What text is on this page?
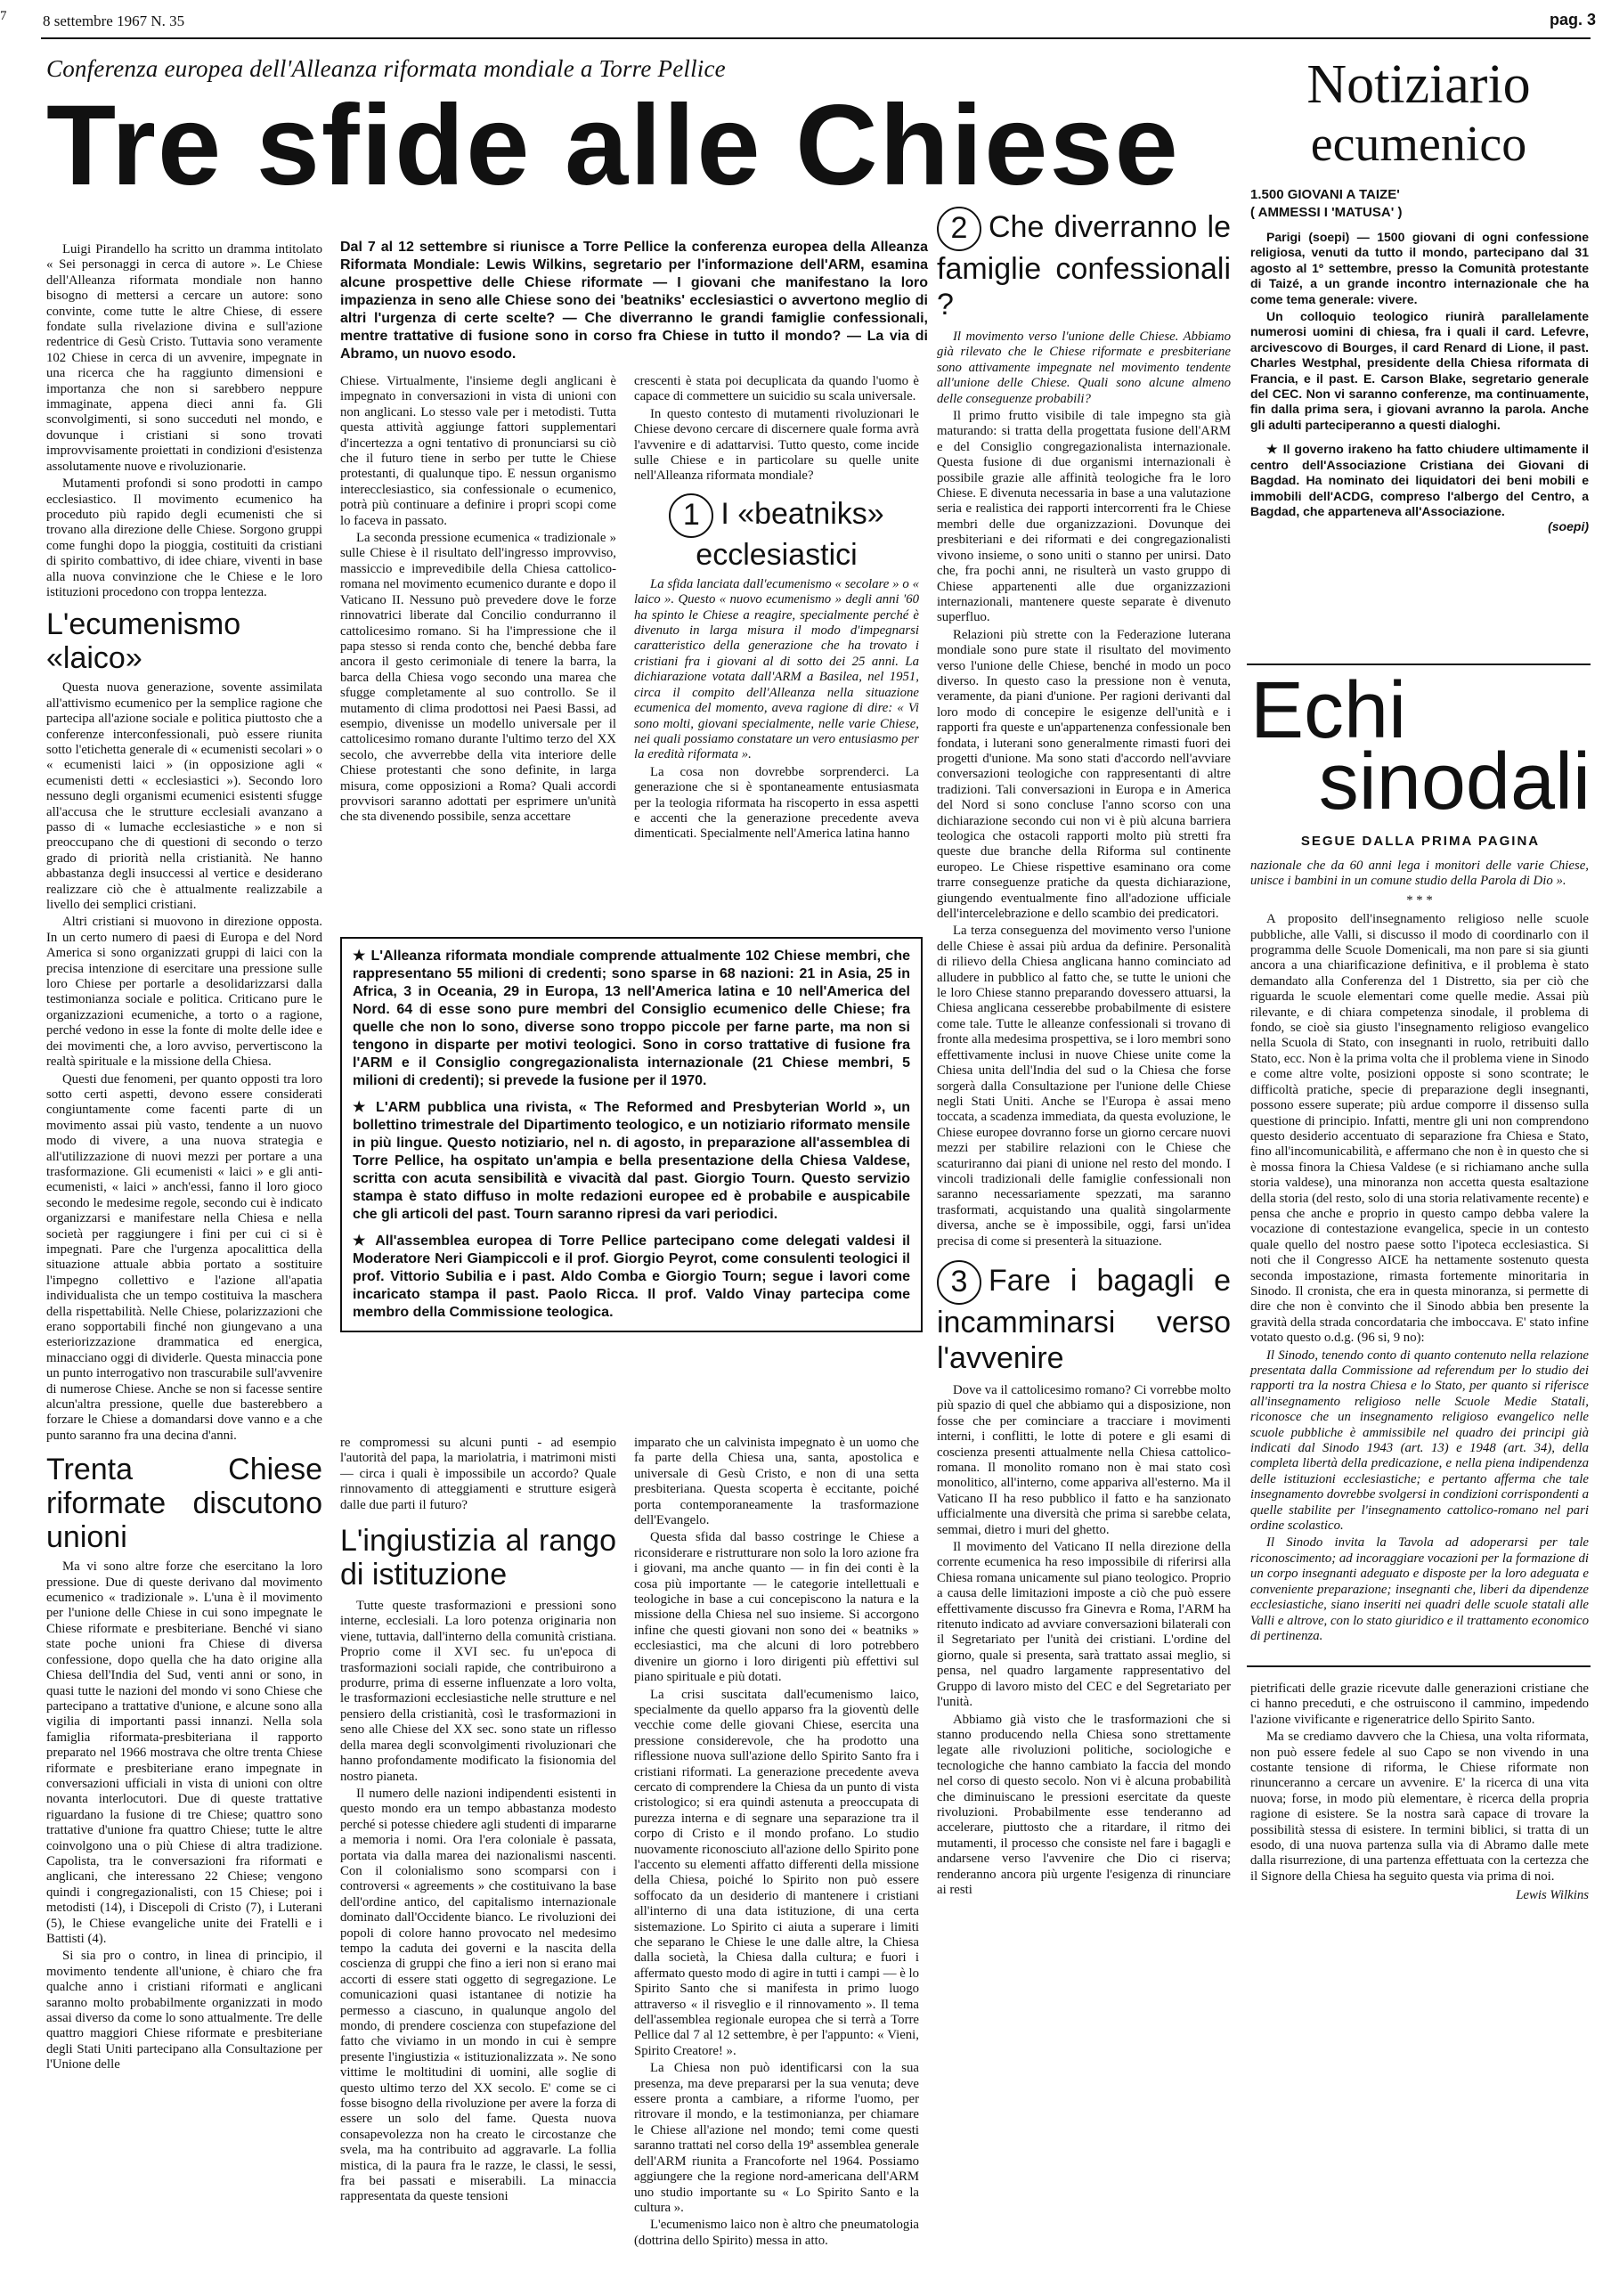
7 8 settembre 1967 N. 35	pag. 3
Conferenza europea dell'Alleanza riformata mondiale a Torre Pellice
Tre sfide alle Chiese	Notiziario
ecumenico
1.500 GIOVANI A TAIZE'
( AMMESSI I 'MATUSA' )

Parigi (soepi) — 1500 giovani di ogni confessione religiosa, venuti da tutto il mondo, partecipano dal 31 agosto al 1º settembre, presso la Comunità protestante di Taizé, a un grande incontro internazionale che ha come tema generale: vivere.

Un colloquio teologico riunirà parallelamente numerosi uomini di chiesa, fra i quali il card. Lefevre, arcivescovo di Bourges, il card Renard di Lione, il past. Charles Westphal, presidente della Chiesa riformata di Francia, e il past. E. Carson Blake, segretario generale del CEC. Non vi saranno conferenze, ma continuamente, fin dalla prima sera, i giovani avranno la parola. Anche gli adulti parteciperanno a questi dialoghi.

★ Il governo irakeno ha fatto chiudere ultimamente il centro dell'Associazione Cristiana dei Giovani di Bagdad. Ha nominato dei liquidatori dei beni mobili e immobili dell'ACDG, compreso l'albergo del Centro, a Bagdad, che apparteneva all'Associazione.

(soepi)
Echi
sinodali
SEGUE DALLA PRIMA PAGINA

nazionale che da 60 anni lega i monitori delle varie Chiese, unisce i bambini in un comune studio della Parola di Dio ».

* * *

A proposito dell'insegnamento religioso nelle scuole pubbliche, alle Valli, si discusso il modo di coordinarlo con il programma delle Scuole Domenicali, ma non pare si sia giunti ancora a una chiarificazione definitiva, e il problema è stato demandato alla Conferenza del 1 Distretto, sia per ciò che riguarda le scuole elementari come quelle medie. Assai più rilevante, e di chiara competenza sinodale, il problema di fondo, se cioè sia giusto l'insegnamento religioso evangelico nella Scuola di Stato, con insegnanti in ruolo, retribuiti dallo Stato, ecc. Non è la prima volta che il problema viene in Sinodo e come altre volte, posizioni opposte si sono scontrate; le difficoltà pratiche, specie di preparazione degli insegnanti, possono essere superate; più ardue comporre il dissenso sulla questione di principio. Infatti, mentre gli uni non comprendono questo desiderio accentuato di separazione fra Chiesa e Stato, fino all'incomunicabilità, e affermano che non è in questo che si è mossa finora la Chiesa Valdese (e si richiamano anche sulla storia valdese), una minoranza non accetta questa esaltazione della storia (del resto, solo di una storia relativamente recente) e pensa che anche e proprio in questo campo debba valere la vocazione di contestazione evangelica, specie in un contesto quale quello del nostro paese sotto l'ipoteca ecclesiastica. Si noti che il Congresso AICE ha nettamente sostenuto questa seconda impostazione, rimasta fortemente minoritaria in Sinodo. Il cronista, che era in questa minoranza, si permette di dire che non è convinto che il Sinodo abbia ben presente la gravità della strada concordataria che imboccava. E' stato infine votato questo o.d.g. (96 si, 9 no):

Il Sinodo, tenendo conto di quanto contenuto nella relazione presentata dalla Commissione ad referendum per lo studio dei rapporti tra la nostra Chiesa e lo Stato, per quanto si riferisce all'insegnamento religioso nelle Scuole Medie Statali, riconosce che un insegnamento religioso evangelico nelle scuole pubbliche è ammissibile nel quadro dei principi già indicati dal Sinodo 1943 (art. 13) e 1948 (art. 34), della completa libertà della predicazione, e nella piena indipendenza delle istituzioni ecclesiastiche; e pertanto afferma che tale insegnamento dovrebbe svolgersi in condizioni corrispondenti a quelle stabilite per l'insegnamento cattolico-romano nel pari ordine scolastico.

Il Sinodo invita la Tavola ad adoperarsi per tale riconoscimento; ad incoraggiare vocazioni per la formazione di un corpo insegnanti adeguato e disposte per la loro adeguata e conveniente preparazione; insegnanti che, liberi da dipendenze ecclesiastiche, siano inseriti nei quadri delle scuole statali alle Valli e altrove, con lo stato giuridico e il trattamento economico di pertinenza.

Luigi Pirandello ha scritto un dramma intitolato « Sei personaggi in cerca di autore ». Le Chiese dell'Alleanza riformata mondiale non hanno bisogno di mettersi a cercare un autore: sono convinte, come tutte le altre Chiese, di essere fondate sulla rivelazione divina e sull'azione redentrice di Gesù Cristo. Tuttavia sono veramente 102 Chiese in cerca di un avvenire, impegnate in una ricerca che ha raggiunto dimensioni e importanza che non si sarebbero neppure immaginate, appena dieci anni fa. Gli sconvolgimenti, si sono succeduti nel mondo, e dovunque i cristiani si sono trovati improvvisamente proiettati in condizioni d'esistenza assolutamente nuove e rivoluzionarie.

Mutamenti profondi si sono prodotti in campo ecclesiastico. Il movimento ecumenico ha proceduto più rapido degli ecumenisti che si trovano alla direzione delle Chiese. Sorgono gruppi come funghi dopo la pioggia, costituiti da cristiani di spirito combattivo, di idee chiare, viventi in base alla nuova convinzione che le Chiese e le loro istituzioni procedono con troppa lentezza.

L'ecumenismo «laico»

Questa nuova generazione, sovente assimilata all'attivismo ecumenico per la semplice ragione che partecipa all'azione sociale e politica piuttosto che a conferenze interconfessionali, può essere riunita sotto l'etichetta generale di « ecumenisti secolari » o « ecumenisti laici » (in opposizione agli « ecumenisti detti « ecclesiastici »). Secondo loro nessuno degli organismi ecumenici esistenti sfugge all'accusa che le strutture ecclesiali avanzano a passo di « lumache ecclesiastiche » e non si preoccupano che di questioni di secondo o terzo grado di priorità nella cristianità. Ne hanno abbastanza degli insuccessi al vertice e desiderano realizzare ciò che è attualmente realizzabile a livello dei semplici cristiani.

Altri cristiani si muovono in direzione opposta. In un certo numero di paesi di Europa e del Nord America si sono organizzati gruppi di laici con la precisa intenzione di esercitare una pressione sulle loro Chiese per portarle a desolidarizzarsi dalla testimonianza sociale e politica. Criticano pure le organizzazioni ecumeniche, a torto o a ragione, perché vedono in esse la fonte di molte delle idee e dei movimenti che, a loro avviso, pervertiscono la realtà spirituale e la missione della Chiesa.

Questi due fenomeni, per quanto opposti tra loro sotto certi aspetti, devono essere considerati congiuntamente come facenti parte di un movimento assai più vasto, tendente a un nuovo modo di vivere, a una nuova strategia e all'utilizzazione di nuovi mezzi per portare a una trasformazione. Gli ecumenisti « laici » e gli anti-ecumenisti, « laici » anch'essi, fanno il loro gioco secondo le medesime regole, secondo cui è indicato organizzarsi e manifestare nella Chiesa e nella società per raggiungere i fini per cui ci si è impegnati. Pare che l'urgenza apocalittica della situazione attuale abbia portato a sostituire l'impegno collettivo e l'azione all'apatia individualista che un tempo costituiva la maschera della rispettabilità. Nelle Chiese, polarizzazioni che erano sopportabili finché non giungevano a una esteriorizzazione drammatica ed energica, minacciano oggi di dividerle. Questa minaccia pone un punto interrogativo non trascurabile sull'avvenire di numerose Chiese. Anche se non si facesse sentire alcun'altra pressione, quelle due basterebbero a forzare le Chiese a domandarsi dove vanno e a che punto saranno fra una decina d'anni.

Trenta Chiese riformate discutono unioni

Ma vi sono altre forze che esercitano la loro pressione. Due di queste derivano dal movimento ecumenico « tradizionale ». L'una è il movimento per l'unione delle Chiese in cui sono impegnate le Chiese riformate e presbiteriane. Benché vi siano state poche unioni fra Chiese di diversa confessione, dopo quella che ha dato origine alla Chiesa dell'India del Sud, venti anni or sono, in quasi tutte le nazioni del mondo vi sono Chiese che partecipano a trattative d'unione, e alcune sono alla vigilia di importanti passi innanzi. Nella sola famiglia riformata-presbiteriana il rapporto preparato nel 1966 mostrava che oltre trenta Chiese riformate e presbiteriane erano impegnate in conversazioni ufficiali in vista di unioni con oltre novanta interlocutori. Due di queste trattative riguardano la fusione di tre Chiese; quattro sono trattative d'unione fra quattro Chiese; tutte le altre coinvolgono una o più Chiese di altra tradizione. Capolista, tra le conversazioni fra riformati e anglicani, che interessano 22 Chiese; vengono quindi i congregazionalisti, con 15 Chiese; poi i metodisti (14), i Discepoli di Cristo (7), i Luterani (5), le Chiese evangeliche unite dei Fratelli e i Battisti (4).

Si sia pro o contro, in linea di principio, il movimento tendente all'unione, è chiaro che fra qualche anno i cristiani riformati e anglicani saranno molto probabilmente organizzati in modo assai diverso da come lo sono attualmente. Tre delle quattro maggiori Chiese riformate e presbiteriane degli Stati Uniti partecipano alla Consultazione per l'Unione delle

Dal 7 al 12 settembre si riunisce a Torre Pellice la conferenza europea della Alleanza Riformata Mondiale: Lewis Wilkins, segretario per l'informazione dell'ARM, esamina alcune prospettive delle Chiese riformate — I giovani che manifestano la loro impazienza in seno alle Chiese sono dei 'beatniks' ecclesiastici o avvertono meglio di altri l'urgenza di certe scelte? — Che diverranno le grandi famiglie confessionali, mentre trattative di fusione sono in corso fra Chiese in tutto il mondo? — La via di Abramo, un nuovo esodo.

Chiese. Virtualmente, l'insieme degli anglicani è impegnato in conversazioni in vista di unioni con non anglicani. Lo stesso vale per i metodisti. Tutta questa attività aggiunge fattori supplementari d'incertezza a ogni tentativo di pronunciarsi su ciò che il futuro tiene in serbo per tutte le Chiese protestanti, di qualunque tipo. E nessun organismo interecclesiastico, sia confessionale o ecumenico, potrà più continuare a definire i propri scopi come lo faceva in passato.

La seconda pressione ecumenica « tradizionale » sulle Chiese è il risultato dell'ingresso improvviso, massiccio e imprevedibile della Chiesa cattolico-romana nel movimento ecumenico durante e dopo il Vaticano II. Nessuno può prevedere dove le forze rinnovatrici liberate dal Concilio condurranno il cattolicesimo romano. Si ha l'impressione che il papa stesso si renda conto che, benché debba fare ancora il gesto cerimoniale di tenere la barra, la barca della Chiesa vogo secondo una marea che sfugge completamente al suo controllo. Se il mutamento di clima prodottosi nei Paesi Bassi, ad esempio, divenisse un modello universale per il cattolicesimo romano durante l'ultimo terzo del XX secolo, che avverrebbe della vita interiore delle Chiese protestanti che sono definite, in larga misura, come opposizioni a Roma? Quali accordi provvisori saranno adottati per esprimere un'unità che sta divenendo possibile, senza accettare

crescenti è stata poi decuplicata da quando l'uomo è capace di commettere un suicidio su scala universale.

In questo contesto di mutamenti rivoluzionari le Chiese devono cercare di discernere quale forma avrà l'avvenire e di adattarvisi. Tutto questo, come incide sulle Chiese e in particolare su quelle unite nell'Alleanza riformata mondiale?

1 I «beatniks» ecclesiastici

La sfida lanciata dall'ecumenismo « secolare » o « laico ». Questo « nuovo ecumenismo » degli anni '60 ha spinto le Chiese a reagire, specialmente perché è divenuto in larga misura il modo d'impegnarsi caratteristico della generazione che ha trovato i cristiani fra i giovani al di sotto dei 25 anni. La dichiarazione votata dall'ARM a Basilea, nel 1951, circa il compito dell'Alleanza nella situazione ecumenica del momento, aveva ragione di dire: « Vi sono molti, giovani specialmente, nelle varie Chiese, nei quali possiamo constatare un vero entusiasmo per la eredità riformata ».

La cosa non dovrebbe sorprenderci. La generazione che si è spontaneamente entusiasmata per la teologia riformata ha riscoperto in essa aspetti e accenti che la generazione precedente aveva dimenticati. Specialmente nell'America latina hanno

★ L'Alleanza riformata mondiale comprende attualmente 102 Chiese membri, che rappresentano 55 milioni di credenti; sono sparse in 68 nazioni: 21 in Asia, 25 in Africa, 3 in Oceania, 29 in Europa, 13 nell'America latina e 10 nell'America del Nord. 64 di esse sono pure membri del Consiglio ecumenico delle Chiese; fra quelle che non lo sono, diverse sono troppo piccole per farne parte, ma non si tengono in disparte per motivi teologici. Sono in corso trattative di fusione fra l'ARM e il Consiglio congregazionalista internazionale (21 Chiese membri, 5 milioni di credenti); si prevede la fusione per il 1970.

★ L'ARM pubblica una rivista, « The Reformed and Presbyterian World », un bollettino trimestrale del Dipartimento teologico, e un notiziario riformato mensile in più lingue. Questo notiziario, nel n. di agosto, in preparazione all'assemblea di Torre Pellice, ha ospitato un'ampia e bella presentazione della Chiesa Valdese, scritta con acuta sensibilità e vivacità dal past. Giorgio Tourn. Questo servizio stampa è stato diffuso in molte redazioni europee ed è probabile e auspicabile che gli articoli del past. Tourn saranno ripresi da vari periodici.

★ All'assemblea europea di Torre Pellice partecipano come delegati valdesi il Moderatore Neri Giampiccoli e il prof. Giorgio Peyrot, come consulenti teologici il prof. Vittorio Subilia e i past. Aldo Comba e Giorgio Tourn; segue i lavori come incaricato stampa il past. Paolo Ricca. Il prof. Valdo Vinay partecipa come membro della Commissione teologica.

re compromessi su alcuni punti - ad esempio l'autorità del papa, la mariolatria, i matrimoni misti — circa i quali è impossibile un accordo? Quale rinnovamento di atteggiamenti e strutture esigerà dalle due parti il futuro?

L'ingiustizia al rango di istituzione

Tutte queste trasformazioni e pressioni sono interne, ecclesiali. La loro potenza originaria non viene, tuttavia, dall'interno della comunità cristiana. Proprio come il XVI sec. fu un'epoca di trasformazioni sociali rapide, che contribuirono a produrre, prima di esserne influenzate a loro volta, le trasformazioni ecclesiastiche nelle strutture e nel pensiero della cristianità, così le trasformazioni in seno alle Chiese del XX sec. sono state un riflesso della marea degli sconvolgimenti rivoluzionari che hanno profondamente modificato la fisionomia del nostro pianeta.

Il numero delle nazioni indipendenti esistenti in questo mondo era un tempo abbastanza modesto perché si potesse chiedere agli studenti di impararne a memoria i nomi. Ora l'era coloniale è passata, portata via dalla marea dei nazionalismi nascenti. Con il colonialismo sono scomparsi con i controversi « agreements » che costituivano la base dell'ordine antico, del capitalismo internazionale dominato dall'Occidente bianco. Le rivoluzioni dei popoli di colore hanno provocato nel medesimo tempo la caduta dei governi e la nascita della coscienza di gruppi che fino a ieri non si erano mai accorti di essere stati oggetto di segregazione. Le comunicazioni quasi istantanee di notizie ha permesso a ciascuno, in qualunque angolo del mondo, di prendere coscienza con stupefazione del fatto che viviamo in un mondo in cui è sempre presente l'ingiustizia « istituzionalizzata ». Ne sono vittime le moltitudini di uomini, alle soglie di questo ultimo terzo del XX secolo. E' come se ci fosse bisogno della rivoluzione per avere la forza di essere un solo del fame. Questa nuova consapevolezza non ha creato le circostanze che svela, ma ha contribuito ad aggravarle. La follia mistica, di la paura fra le razze, le classi, le sessi, fra bei passati e miserabili. La minaccia rappresentata da queste tensioni

imparato che un calvinista impegnato è un uomo che fa parte della Chiesa una, santa, apostolica e universale di Gesù Cristo, e non di una setta presbiteriana. Questa scoperta è eccitante, poiché porta contemporaneamente la trasformazione dell'Evangelo.

Questa sfida dal basso costringe le Chiese a riconsiderare e ristrutturare non solo la loro azione fra i giovani, ma anche quanto — in fin dei conti è la cosa più importante — le categorie intellettuali e teologiche in base a cui concepiscono la natura e la missione della Chiesa nel suo insieme. Si accorgono infine che questi giovani non sono dei « beatniks » ecclesiastici, ma che alcuni di loro potrebbero divenire un giorno i loro dirigenti più effettivi sul piano spirituale e più dotati.

La crisi suscitata dall'ecumenismo laico, specialmente da quello apparso fra la gioventù delle vecchie come delle giovani Chiese, esercita una pressione considerevole, che ha prodotto una riflessione nuova sull'azione dello Spirito Santo fra i cristiani riformati. La generazione precedente aveva cercato di comprendere la Chiesa da un punto di vista cristologico; si era quindi astenuta a preoccupata di purezza interna e di segnare una separazione tra il corpo di Cristo e il mondo profano. Lo studio nuovamente riconosciuto all'azione dello Spirito pone l'accento su elementi affatto differenti della missione della Chiesa, poiché lo Spirito non può essere soffocato da un desiderio di mantenere i cristiani all'interno di una data istituzione, di una certa sistemazione. Lo Spirito ci aiuta a superare i limiti che separano le Chiese le une dalle altre, la Chiesa dalla società, la Chiesa dalla cultura; e fuori i affermato questo modo di agire in tutti i campi — è lo Spirito Santo che si manifesta in primo luogo attraverso « il risveglio e il rinnovamento ». Il tema dell'assemblea regionale europea che si terrà a Torre Pellice dal 7 al 12 settembre, è per l'appunto: « Vieni, Spirito Creatore! ».

La Chiesa non può identificarsi con la sua presenza, ma deve prepararsi per la sua venuta; deve essere pronta a cambiare, a riforme l'uomo, per ritrovare il mondo, e la testimonianza, per chiamare le Chiese all'azione nel mondo; temi come questi saranno trattati nel corso della 19ª assemblea generale dell'ARM riunita a Francoforte nel 1964. Possiamo aggiungere che la regione nord-americana dell'ARM uno studio importante su « Lo Spirito Santo e la cultura ».

L'ecumenismo laico non è altro che pneumatologia (dottrina dello Spirito) messa in atto.

2 Che diverranno le famiglie confessionali ?

Il movimento verso l'unione delle Chiese. Abbiamo già rilevato che le Chiese riformate e presbiteriane sono attivamente impegnate nel movimento tendente all'unione delle Chiese. Quali sono alcune almeno delle conseguenze probabili?

Il primo frutto visibile di tale impegno sta già maturando: si tratta della progettata fusione dell'ARM e del Consiglio congregazionalista internazionale. Questa fusione di due organismi internazionali è possibile grazie alle affinità teologiche fra le loro Chiese. E divenuta necessaria in base a una valutazione seria e realistica dei rapporti intercorrenti fra le Chiese membri delle due organizzazioni. Dovunque dei presbiteriani e dei riformati e dei congregazionalisti vivono insieme, o sono uniti o stanno per unirsi. Dato che, fra pochi anni, ne risulterà un vasto gruppo di Chiese appartenenti alle due organizzazioni internazionali, mantenere queste separate è divenuto superfluo.

Relazioni più strette con la Federazione luterana mondiale sono pure state il risultato del movimento verso l'unione delle Chiese, benché in modo un poco diverso. In questo caso la pressione non è venuta, veramente, da piani d'unione. Per ragioni derivanti dal loro modo di concepire le esigenze dell'unità e i rapporti fra queste e un'appartenenza confessionale ben fondata, i luterani sono generalmente rimasti fuori dei progetti d'unione. Ma sono stati d'accordo nell'avviare conversazioni teologiche con rappresentanti di altre tradizioni. Tali conversazioni in Europa e in America del Nord si sono concluse l'anno scorso con una dichiarazione secondo cui non vi è più alcuna barriera teologica che ostacoli rapporti molto più stretti fra queste due branche della Riforma sul continente europeo. Le Chiese rispettive esaminano ora come trarre conseguenze pratiche da questa dichiarazione, giungendo eventualmente fino all'adozione ufficiale dell'intercelebrazione e dello scambio dei predicatori.

La terza conseguenza del movimento verso l'unione delle Chiese è assai più ardua da definire. Personalità di rilievo della Chiesa anglicana hanno cominciato ad alludere in pubblico al fatto che, se tutte le unioni che le loro Chiese stanno preparando dovessero attuarsi, la Chiesa anglicana cesserebbe probabilmente di esistere come tale. Tutte le alleanze confessionali si trovano di fronte alla medesima prospettiva, se i loro membri sono effettivamente inclusi in nuove Chiese unite come la Chiesa unita dell'India del sud o la Chiesa che forse sorgerà dalla Consultazione per l'unione delle Chiese negli Stati Uniti. Anche se l'Europa è assai meno toccata, a scadenza immediata, da questa evoluzione, le Chiese europee dovranno forse un giorno cercare nuovi mezzi per stabilire relazioni con le Chiese che scaturiranno dai piani di unione nel resto del mondo. I vincoli tradizionali delle famiglie confessionali non saranno necessariamente spezzati, ma saranno trasformati, acquistando una qualità singolarmente diversa, anche se è impossibile, oggi, farsi un'idea precisa di come si presenterà la situazione.

3 Fare i bagagli e incamminarsi verso l'avvenire

Dove va il cattolicesimo romano? Ci vorrebbe molto più spazio di quel che abbiamo qui a disposizione, non fosse che per cominciare a tracciare i movimenti interni, i conflitti, le lotte di potere e gli esami di coscienza presenti attualmente nella Chiesa cattolico-romana. Il monolito romano non è mai stato così monolitico, all'interno, come appariva all'esterno. Ma il Vaticano II ha reso pubblico il fatto e ha sanzionato ufficialmente una diversità che prima si sarebbe celata, semmai, dietro i muri del ghetto.

Il movimento del Vaticano II nella direzione della corrente ecumenica ha reso impossibile di riferirsi alla Chiesa romana unicamente sul piano teologico. Proprio a causa delle limitazioni imposte a ciò che può essere effettivamente discusso fra Ginevra e Roma, l'ARM ha ritenuto indicato ad avviare conversazioni bilaterali con il Segretariato per l'unità dei cristiani. L'ordine del giorno, quale si presenta, sarà trattato assai meglio, si pensa, nel quadro largamente rappresentativo del Gruppo di lavoro misto del CEC e del Segretariato per l'unità.

Abbiamo già visto che le trasformazioni che si stanno producendo nella Chiesa sono strettamente legate alle rivoluzioni politiche, sociologiche e tecnologiche che hanno cambiato la faccia del mondo nel corso di questo secolo. Non vi è alcuna probabilità che diminuiscano le pressioni esercitate da queste rivoluzioni. Probabilmente esse tenderanno ad accelerare, piuttosto che a ritardare, il ritmo dei mutamenti, il processo che consiste nel fare i bagagli e andarsene verso l'avvenire che Dio ci riserva; renderanno ancora più urgente l'esigenza di rinunciare ai resti

pietrificati delle grazie ricevute dalle generazioni cristiane che ci hanno preceduti, e che ostruiscono il cammino, impedendo l'azione vivificante e rigeneratrice dello Spirito Santo.

Ma se crediamo davvero che la Chiesa, una volta riformata, non può essere fedele al suo Capo se non vivendo in una costante tensione di riforma, le Chiese riformate non rinunceranno a cercare un avvenire. E' la ricerca di una vita nuova; forse, in modo più elementare, è ricerca della propria ragione di esistere. Se la nostra sarà capace di trovare la possibilità stessa di esistere. In termini biblici, si tratta di un esodo, di una nuova partenza sulla via di Abramo dalle mete dalla risurrezione, di una partenza effettuata con la certezza che il Signore della Chiesa ha seguito questa via prima di noi.

Lewis Wilkins
